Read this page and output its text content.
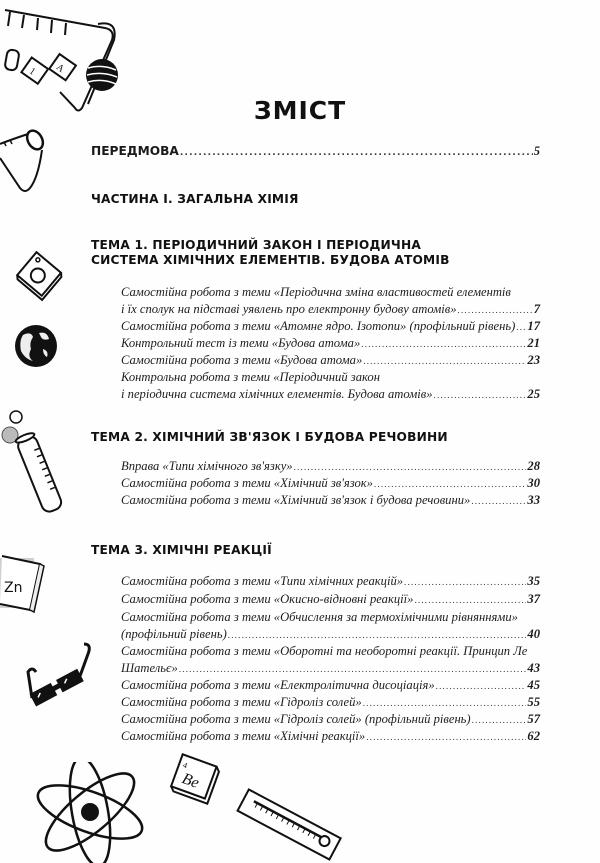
1 A
Zn
4
Be
ЗМІСТ
ПЕРЕДМОВА .....	5
ЧАСТИНА І. ЗАГАЛЬНА ХІМІЯ
ТЕМА 1. ПЕРІОДИЧНИЙ ЗАКОН І ПЕРІОДИЧНА
СИСТЕМА ХІМІЧНИХ ЕЛЕМЕНТІВ. БУДОВА АТОМІВ
Самостійна робота з теми «Періодична зміна властивостей елементів
і їх сполук на підставі уявлень про електронну будову атомів» .....	7
Самостійна робота з теми «Атомне ядро. Ізотопи» (профільний рівень) ..... 17
Контрольний тест із теми «Будова атома» .....	21
Самостійна робота з теми «Будова атома» .....	23
Контрольна робота з теми «Періодичний закон
і періодична система хімічних елементів. Будова атомів» .....	25
ТЕМА 2. ХІМІЧНИЙ ЗВ'ЯЗОК І БУДОВА РЕЧОВИНИ
Вправа «Типи хімічного зв'язку» .....	28
Самостійна робота з теми «Хімічний зв'язок» .....	30
Самостійна робота з теми «Хімічний зв'язок і будова речовини» .....	33
ТЕМА 3. ХІМІЧНІ РЕАКЦІЇ
Самостійна робота з теми «Типи хімічних реакцій» .....	35
Самостійна робота з теми «Окисно-відновні реакції» .....	37
Самостійна робота з теми «Обчислення за термохімічними рівняннями»
(профільний рівень) .....	40
Самостійна робота з теми «Оборотні та необоротні реакції. Принцип Ле
Шательє» .....	43
Самостійна робота з теми «Електролітична дисоціація» .....	45
Самостійна робота з теми «Гідроліз солей» .....	55
Самостійна робота з теми «Гідроліз солей» (профільний рівень) .....	57
Самостійна робота з теми «Хімічні реакції» .....	62
